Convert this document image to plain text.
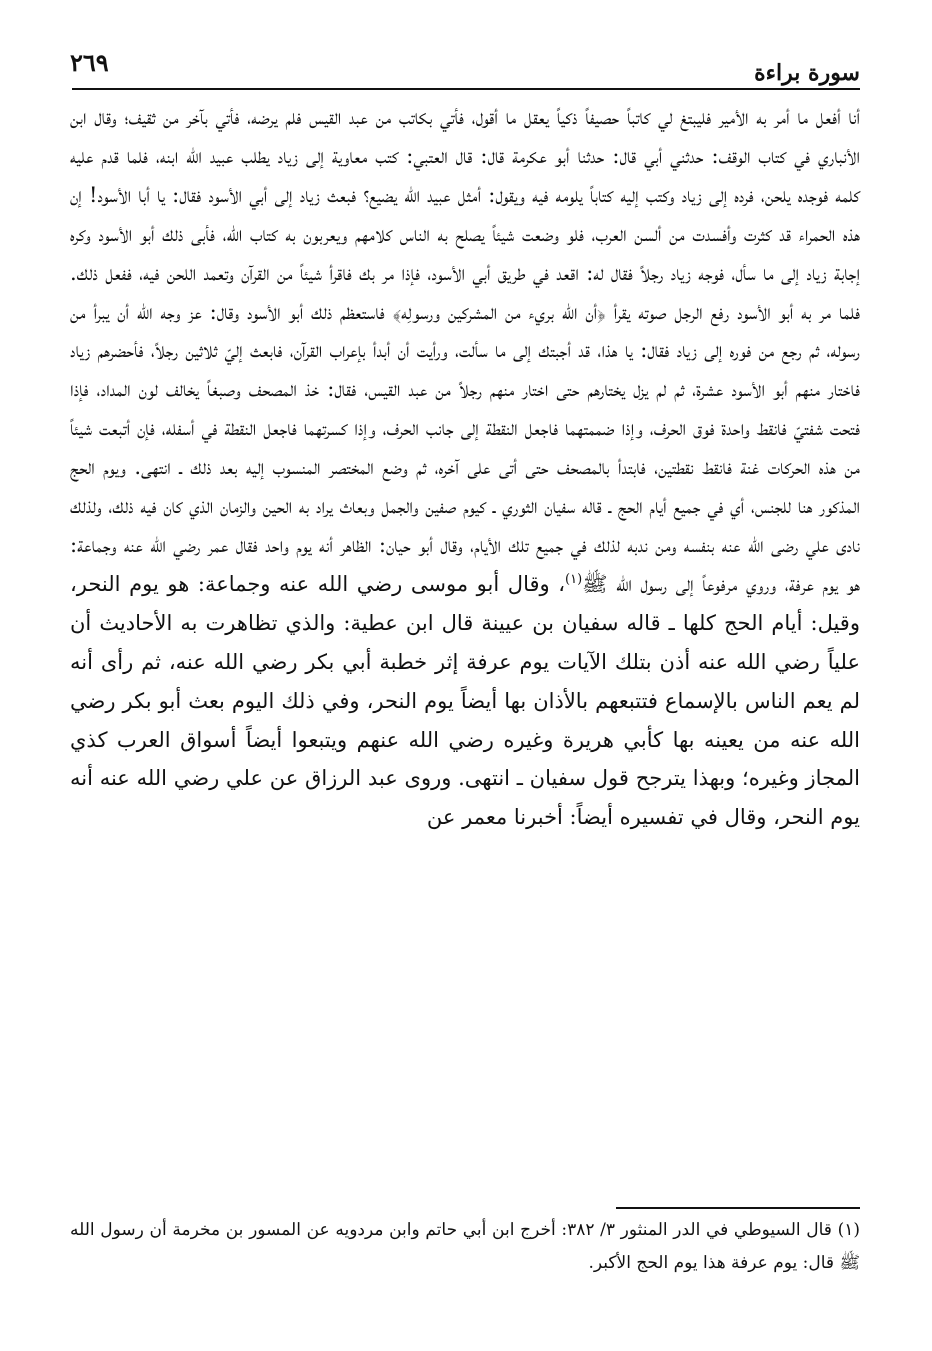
سورة براءة
٢٦٩

أنا أفعل ما أمر به الأمير فليبتغ لي كاتباً حصيفاً ذكياً يعقل ما أقول، فأتي بكاتب من عبد القيس فلم يرضه، فأتي بآخر من ثقيف؛ وقال ابن الأنباري في كتاب الوقف: حدثني أبي قال: حدثنا أبو عكرمة قال: قال العتبي: كتب معاوية إلى زياد يطلب عبيد الله ابنه، فلما قدم عليه كلمه فوجده يلحن، فرده إلى زياد وكتب إليه كتاباً يلومه فيه ويقول: أمثل عبيد الله يضيع؟ فبعث زياد إلى أبي الأسود فقال: يا أبا الأسود! إن هذه الحمراء قد كثرت وأفسدت من ألسن العرب، فلو وضعت شيئاً يصلح به الناس كلامهم ويعربون به كتاب الله، فأبى ذلك أبو الأسود وكره إجابة زياد إلى ما سأل، فوجه زياد رجلاً فقال له: اقعد في طريق أبي الأسود، فإذا مر بك فاقرأ شيئاً من القرآن وتعمد اللحن فيه، ففعل ذلك. فلما مر به أبو الأسود رفع الرجل صوته يقرأ ﴿أن الله بريء من المشركين ورسولِه﴾ فاستعظم ذلك أبو الأسود وقال: عز وجه الله أن يبرأ من رسوله، ثم رجع من فوره إلى زياد فقال: يا هذا، قد أجبتك إلى ما سألت، ورأيت أن أبدأ بإعراب القرآن، فابعث إليّ ثلاثين رجلاً، فأحضرهم زياد فاختار منهم أبو الأسود عشرة، ثم لم يزل يختارهم حتى اختار منهم رجلاً من عبد القيس، فقال: خذ المصحف وصبغاً يخالف لون المداد، فإذا فتحت شفتيّ فانقط واحدة فوق الحرف، وإذا ضممتهما فاجعل النقطة إلى جانب الحرف، وإذا كسرتهما فاجعل النقطة في أسفله، فإن أتبعت شيئاً من هذه الحركات غنة فانقط نقطتين، فابتدأ بالمصحف حتى أتى على آخره، ثم وضع المختصر المنسوب إليه بعد ذلك ـ انتهى. ويوم الحج المذكور هنا للجنس، أي في جميع أيام الحج ـ قاله سفيان الثوري ـ كيوم صفين والجمل وبعاث يراد به الحين والزمان الذي كان فيه ذلك، ولذلك نادى علي رضى الله عنه بنفسه ومن ندبه لذلك في جميع تلك الأيام، وقال أبو حيان: الظاهر أنه يوم واحد فقال عمر رضي الله عنه وجماعة: هو يوم عرفة، وروي مرفوعاً إلى رسول الله ﷺ$^{(١)}$، وقال أبو موسى رضي الله عنه وجماعة: هو يوم النحر، وقيل: أيام الحج كلها ـ قاله سفيان بن عيينة قال ابن عطية: والذي تظاهرت به الأحاديث أن علياً رضي الله عنه أذن بتلك الآيات يوم عرفة إثر خطبة أبي بكر رضي الله عنه، ثم رأى أنه لم يعم الناس بالإسماع فتتبعهم بالأذان بها أيضاً يوم النحر، وفي ذلك اليوم بعث أبو بكر رضي الله عنه من يعينه بها كأبي هريرة وغيره رضي الله عنهم ويتبعوا أيضاً أسواق العرب كذي المجاز وغيره؛ وبهذا يترجح قول سفيان ـ انتهى. وروى عبد الرزاق عن علي رضي الله عنه أنه يوم النحر، وقال في تفسيره أيضاً: أخبرنا معمر عن

(١) قال السيوطي في الدر المنثور ٣/ ٣٨٢: أخرج ابن أبي حاتم وابن مردويه عن المسور بن مخرمة أن رسول الله ﷺ قال: يوم عرفة هذا يوم الحج الأكبر.
